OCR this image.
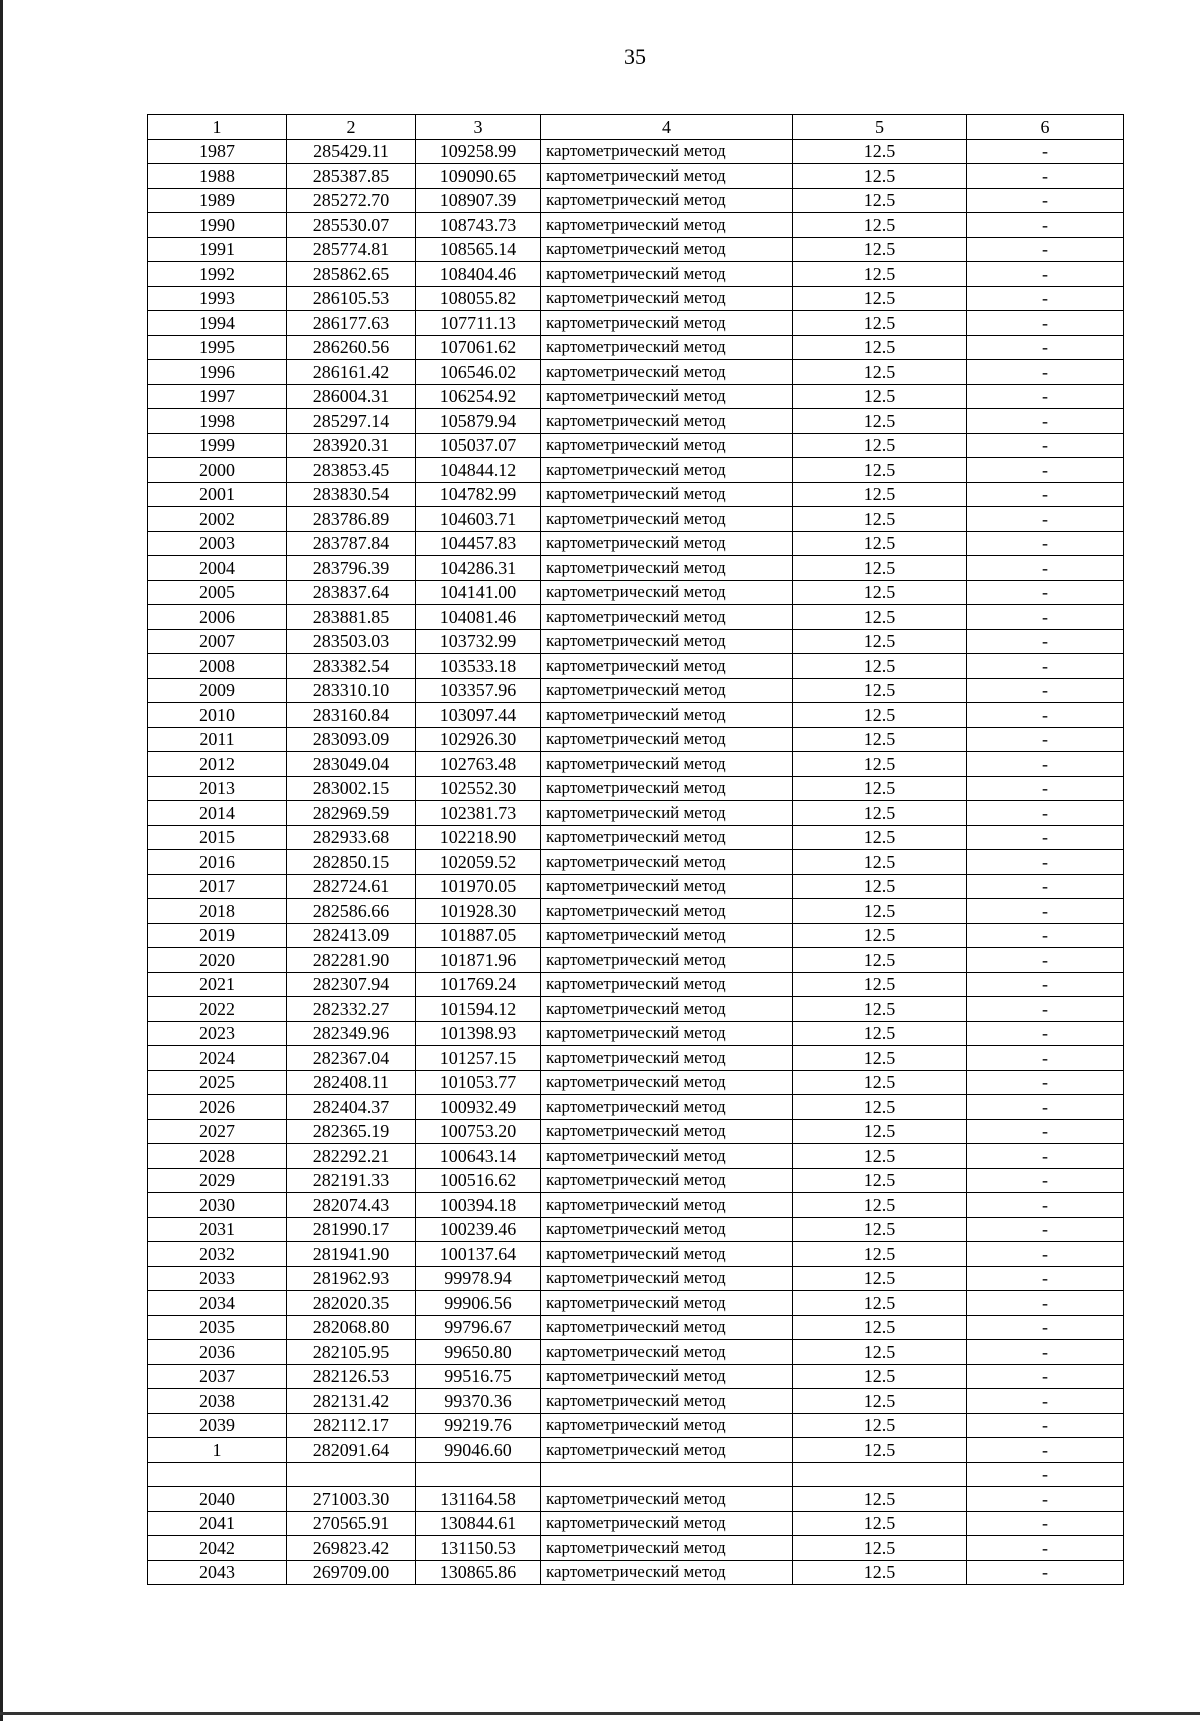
35
1	2	3	4	5	6
1987	285429.11	109258.99	картометрический метод	12.5	-
1988	285387.85	109090.65	картометрический метод	12.5	-
1989	285272.70	108907.39	картометрический метод	12.5	-
1990	285530.07	108743.73	картометрический метод	12.5	-
1991	285774.81	108565.14	картометрический метод	12.5	-
1992	285862.65	108404.46	картометрический метод	12.5	-
1993	286105.53	108055.82	картометрический метод	12.5	-
1994	286177.63	107711.13	картометрический метод	12.5	-
1995	286260.56	107061.62	картометрический метод	12.5	-
1996	286161.42	106546.02	картометрический метод	12.5	-
1997	286004.31	106254.92	картометрический метод	12.5	-
1998	285297.14	105879.94	картометрический метод	12.5	-
1999	283920.31	105037.07	картометрический метод	12.5	-
2000	283853.45	104844.12	картометрический метод	12.5	-
2001	283830.54	104782.99	картометрический метод	12.5	-
2002	283786.89	104603.71	картометрический метод	12.5	-
2003	283787.84	104457.83	картометрический метод	12.5	-
2004	283796.39	104286.31	картометрический метод	12.5	-
2005	283837.64	104141.00	картометрический метод	12.5	-
2006	283881.85	104081.46	картометрический метод	12.5	-
2007	283503.03	103732.99	картометрический метод	12.5	-
2008	283382.54	103533.18	картометрический метод	12.5	-
2009	283310.10	103357.96	картометрический метод	12.5	-
2010	283160.84	103097.44	картометрический метод	12.5	-
2011	283093.09	102926.30	картометрический метод	12.5	-
2012	283049.04	102763.48	картометрический метод	12.5	-
2013	283002.15	102552.30	картометрический метод	12.5	-
2014	282969.59	102381.73	картометрический метод	12.5	-
2015	282933.68	102218.90	картометрический метод	12.5	-
2016	282850.15	102059.52	картометрический метод	12.5	-
2017	282724.61	101970.05	картометрический метод	12.5	-
2018	282586.66	101928.30	картометрический метод	12.5	-
2019	282413.09	101887.05	картометрический метод	12.5	-
2020	282281.90	101871.96	картометрический метод	12.5	-
2021	282307.94	101769.24	картометрический метод	12.5	-
2022	282332.27	101594.12	картометрический метод	12.5	-
2023	282349.96	101398.93	картометрический метод	12.5	-
2024	282367.04	101257.15	картометрический метод	12.5	-
2025	282408.11	101053.77	картометрический метод	12.5	-
2026	282404.37	100932.49	картометрический метод	12.5	-
2027	282365.19	100753.20	картометрический метод	12.5	-
2028	282292.21	100643.14	картометрический метод	12.5	-
2029	282191.33	100516.62	картометрический метод	12.5	-
2030	282074.43	100394.18	картометрический метод	12.5	-
2031	281990.17	100239.46	картометрический метод	12.5	-
2032	281941.90	100137.64	картометрический метод	12.5	-
2033	281962.93	99978.94	картометрический метод	12.5	-
2034	282020.35	99906.56	картометрический метод	12.5	-
2035	282068.80	99796.67	картометрический метод	12.5	-
2036	282105.95	99650.80	картометрический метод	12.5	-
2037	282126.53	99516.75	картометрический метод	12.5	-
2038	282131.42	99370.36	картометрический метод	12.5	-
2039	282112.17	99219.76	картометрический метод	12.5	-
1	282091.64	99046.60	картометрический метод	12.5	-
					-
2040	271003.30	131164.58	картометрический метод	12.5	-
2041	270565.91	130844.61	картометрический метод	12.5	-
2042	269823.42	131150.53	картометрический метод	12.5	-
2043	269709.00	130865.86	картометрический метод	12.5	-
